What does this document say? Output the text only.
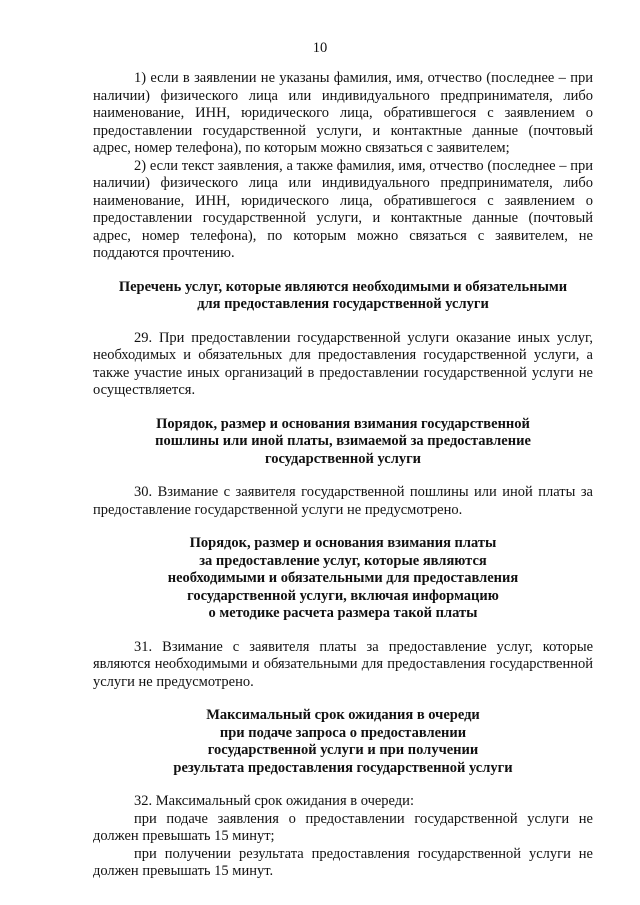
10

1) если в заявлении не указаны фамилия, имя, отчество (последнее – при наличии) физического лица или индивидуального предпринимателя, либо наименование, ИНН, юридического лица, обратившегося с заявлением о предоставлении государственной услуги, и контактные данные (почтовый адрес, номер телефона), по которым можно связаться с заявителем;

2) если текст заявления, а также фамилия, имя, отчество (последнее – при наличии) физического лица или индивидуального предпринимателя, либо наименование, ИНН, юридического лица, обратившегося с заявлением о предоставлении государственной услуги, и контактные данные (почтовый адрес, номер телефона), по которым можно связаться с заявителем, не поддаются прочтению.

Перечень услуг, которые являются необходимыми и обязательными
для предоставления государственной услуги

29. При предоставлении государственной услуги оказание иных услуг, необходимых и обязательных для предоставления государственной услуги, а также участие иных организаций в предоставлении государственной услуги не осуществляется.

Порядок, размер и основания взимания государственной
пошлины или иной платы, взимаемой за предоставление
государственной услуги

30. Взимание с заявителя государственной пошлины или иной платы за предоставление государственной услуги не предусмотрено.

Порядок, размер и основания взимания платы
за предоставление услуг, которые являются
необходимыми и обязательными для предоставления
государственной услуги, включая информацию
о методике расчета размера такой платы

31. Взимание с заявителя платы за предоставление услуг, которые являются необходимыми и обязательными для предоставления государственной услуги не предусмотрено.

Максимальный срок ожидания в очереди
при подаче запроса о предоставлении
государственной услуги и при получении
результата предоставления государственной услуги

32. Максимальный срок ожидания в очереди:

при подаче заявления о предоставлении государственной услуги не должен превышать 15 минут;

при получении результата предоставления государственной услуги не должен превышать 15 минут.
